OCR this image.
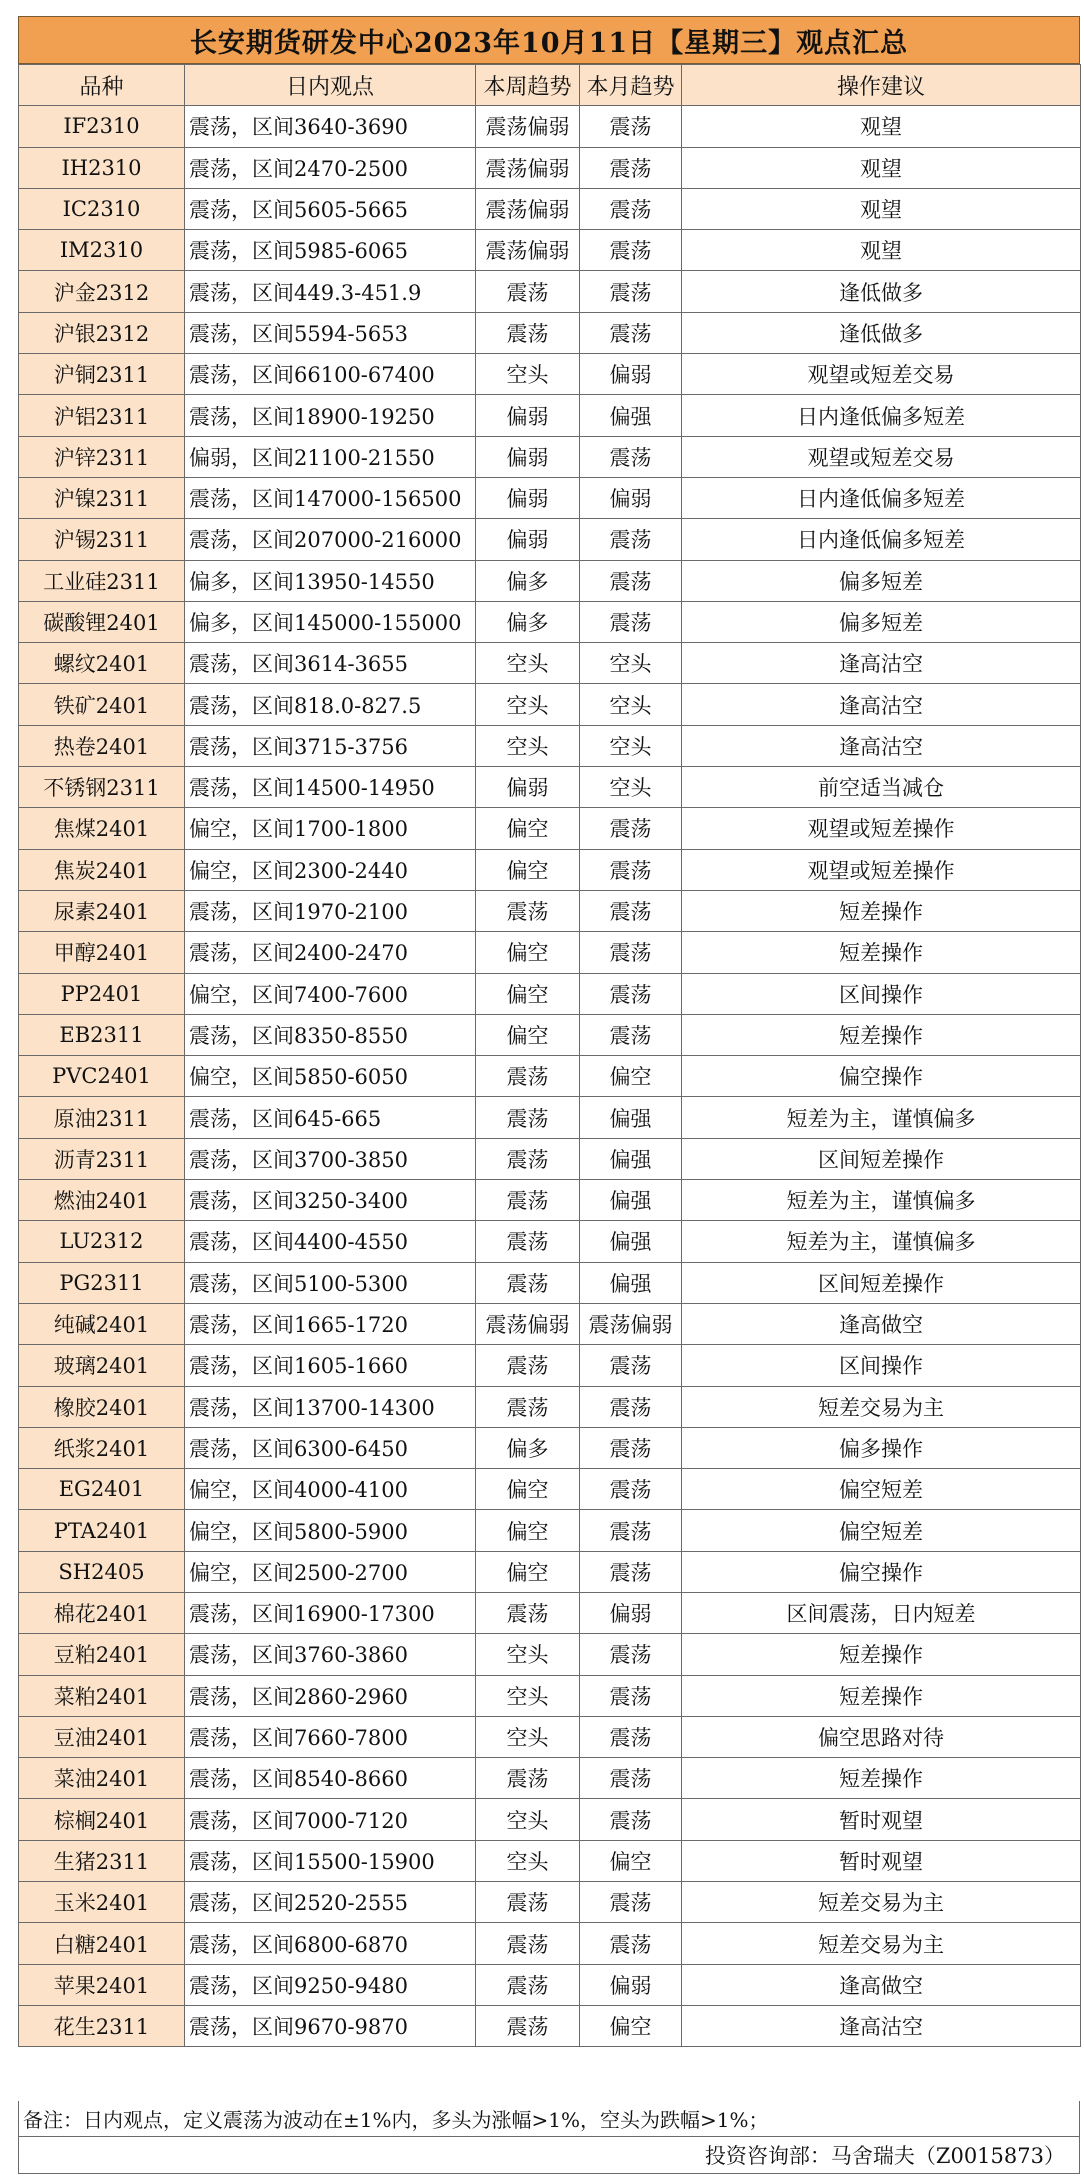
长安期货研发中心2023年10月11日【星期三】观点汇总
品种	日内观点	本周趋势	本月趋势	操作建议
IF2310	震荡，区间3640-3690	震荡偏弱	震荡	观望
IH2310	震荡，区间2470-2500	震荡偏弱	震荡	观望
IC2310	震荡，区间5605-5665	震荡偏弱	震荡	观望
IM2310	震荡，区间5985-6065	震荡偏弱	震荡	观望
沪金2312	震荡，区间449.3-451.9	震荡	震荡	逢低做多
沪银2312	震荡，区间5594-5653	震荡	震荡	逢低做多
沪铜2311	震荡，区间66100-67400	空头	偏弱	观望或短差交易
沪铝2311	震荡，区间18900-19250	偏弱	偏强	日内逢低偏多短差
沪锌2311	偏弱，区间21100-21550	偏弱	震荡	观望或短差交易
沪镍2311	震荡，区间147000-156500	偏弱	偏弱	日内逢低偏多短差
沪锡2311	震荡，区间207000-216000	偏弱	震荡	日内逢低偏多短差
工业硅2311	偏多，区间13950-14550	偏多	震荡	偏多短差
碳酸锂2401	偏多，区间145000-155000	偏多	震荡	偏多短差
螺纹2401	震荡，区间3614-3655	空头	空头	逢高沽空
铁矿2401	震荡，区间818.0-827.5	空头	空头	逢高沽空
热卷2401	震荡，区间3715-3756	空头	空头	逢高沽空
不锈钢2311	震荡，区间14500-14950	偏弱	空头	前空适当减仓
焦煤2401	偏空，区间1700-1800	偏空	震荡	观望或短差操作
焦炭2401	偏空，区间2300-2440	偏空	震荡	观望或短差操作
尿素2401	震荡，区间1970-2100	震荡	震荡	短差操作
甲醇2401	震荡，区间2400-2470	偏空	震荡	短差操作
PP2401	偏空，区间7400-7600	偏空	震荡	区间操作
EB2311	震荡，区间8350-8550	偏空	震荡	短差操作
PVC2401	偏空，区间5850-6050	震荡	偏空	偏空操作
原油2311	震荡，区间645-665	震荡	偏强	短差为主，谨慎偏多
沥青2311	震荡，区间3700-3850	震荡	偏强	区间短差操作
燃油2401	震荡，区间3250-3400	震荡	偏强	短差为主，谨慎偏多
LU2312	震荡，区间4400-4550	震荡	偏强	短差为主，谨慎偏多
PG2311	震荡，区间5100-5300	震荡	偏强	区间短差操作
纯碱2401	震荡，区间1665-1720	震荡偏弱	震荡偏弱	逢高做空
玻璃2401	震荡，区间1605-1660	震荡	震荡	区间操作
橡胶2401	震荡，区间13700-14300	震荡	震荡	短差交易为主
纸浆2401	震荡，区间6300-6450	偏多	震荡	偏多操作
EG2401	偏空，区间4000-4100	偏空	震荡	偏空短差
PTA2401	偏空，区间5800-5900	偏空	震荡	偏空短差
SH2405	偏空，区间2500-2700	偏空	震荡	偏空操作
棉花2401	震荡，区间16900-17300	震荡	偏弱	区间震荡，日内短差
豆粕2401	震荡，区间3760-3860	空头	震荡	短差操作
菜粕2401	震荡，区间2860-2960	空头	震荡	短差操作
豆油2401	震荡，区间7660-7800	空头	震荡	偏空思路对待
菜油2401	震荡，区间8540-8660	震荡	震荡	短差操作
棕榈2401	震荡，区间7000-7120	空头	震荡	暂时观望
生猪2311	震荡，区间15500-15900	空头	偏空	暂时观望
玉米2401	震荡，区间2520-2555	震荡	震荡	短差交易为主
白糖2401	震荡，区间6800-6870	震荡	震荡	短差交易为主
苹果2401	震荡，区间9250-9480	震荡	偏弱	逢高做空
花生2311	震荡，区间9670-9870	震荡	偏空	逢高沽空
备注：日内观点，定义震荡为波动在±1%内，多头为涨幅>1%，空头为跌幅>1%；
投资咨询部：马舍瑞夫（Z0015873）
